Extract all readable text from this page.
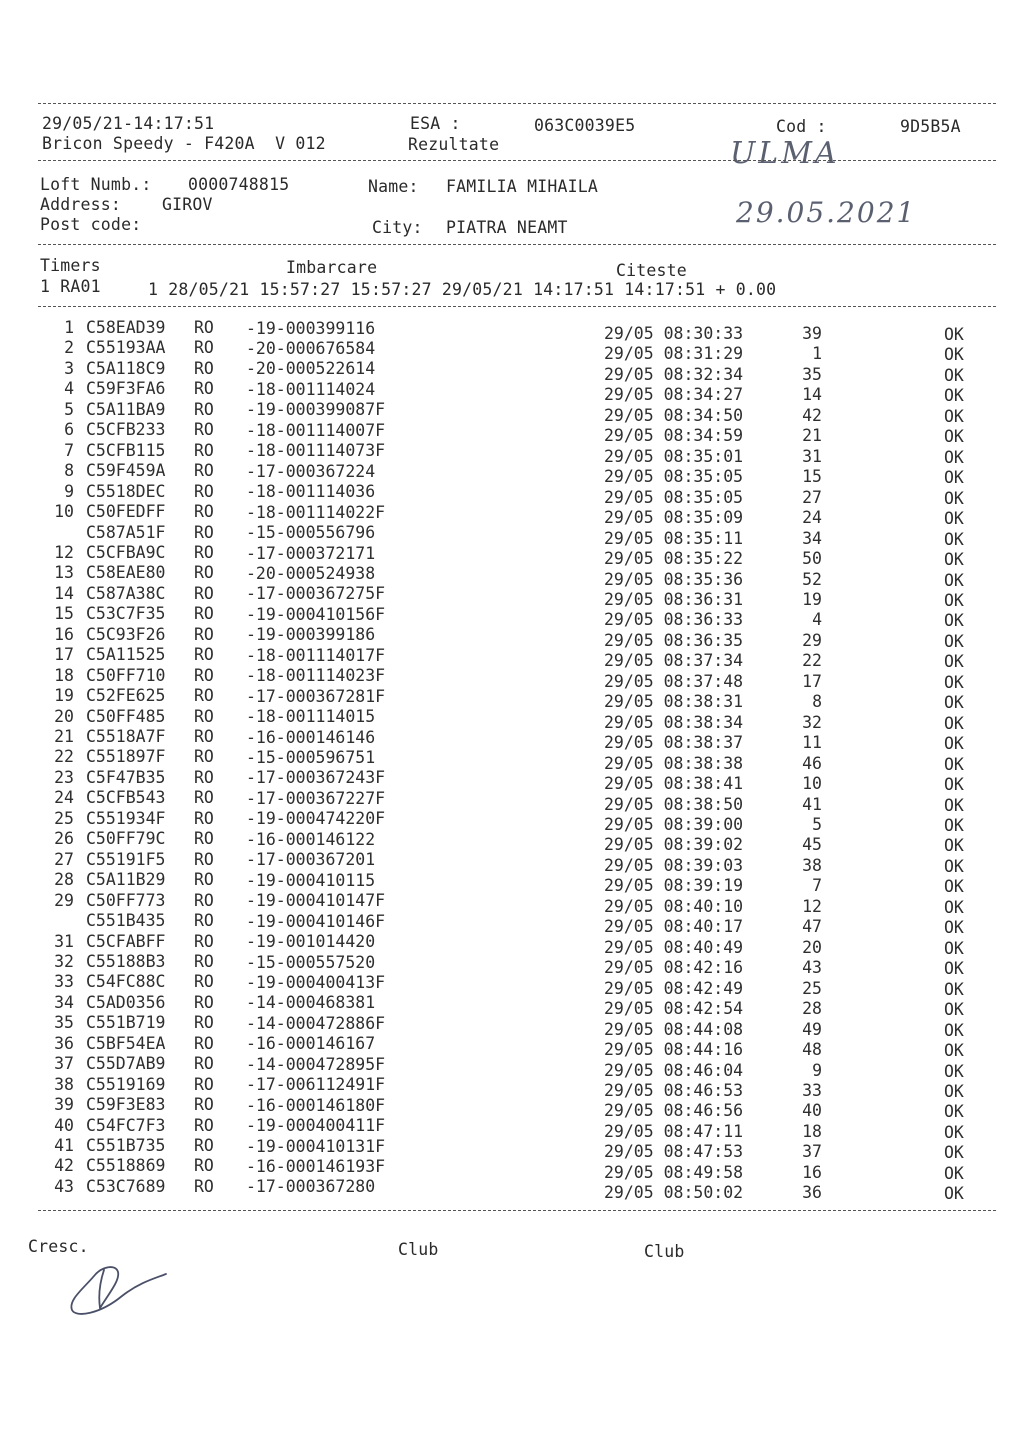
29/05/21-14:17:51	ESA :	063C0039E5	Cod :	9D5B5A
Bricon Speedy - F420A  V 012	Rezultate	ULMA
Loft Numb.: 0000748815	Name: FAMILIA MIHAILA
Address: GIROV
Post code:	City: PIATRA NEAMT	29.05.2021
Timers	Imbarcare	Citeste
1 RA01	1 28/05/21 15:57:27 15:57:27 29/05/21 14:17:51 14:17:51 + 0.00
1 C58EAD39 RO -19-000399116	29/05 08:30:33	39	OK
2 C55193AA RO -20-000676584	29/05 08:31:29	1	OK
3 C5A118C9 RO -20-000522614	29/05 08:32:34	35	OK
4 C59F3FA6 RO -18-001114024	29/05 08:34:27	14	OK
5 C5A11BA9 RO -19-000399087F	29/05 08:34:50	42	OK
6 C5CFB233 RO -18-001114007F	29/05 08:34:59	21	OK
7 C5CFB115 RO -18-001114073F	29/05 08:35:01	31	OK
8 C59F459A RO -17-000367224	29/05 08:35:05	15	OK
9 C5518DEC RO -18-001114036	29/05 08:35:05	27	OK
10 C50FEDFF RO -18-001114022F	29/05 08:35:09	24	OK
C587A51F RO -15-000556796	29/05 08:35:11	34	OK
12 C5CFBA9C RO -17-000372171	29/05 08:35:22	50	OK
13 C58EAE80 RO -20-000524938	29/05 08:35:36	52	OK
14 C587A38C RO -17-000367275F	29/05 08:36:31	19	OK
15 C53C7F35 RO -19-000410156F	29/05 08:36:33	4	OK
16 C5C93F26 RO -19-000399186	29/05 08:36:35	29	OK
17 C5A11525 RO -18-001114017F	29/05 08:37:34	22	OK
18 C50FF710 RO -18-001114023F	29/05 08:37:48	17	OK
19 C52FE625 RO -17-000367281F	29/05 08:38:31	8	OK
20 C50FF485 RO -18-001114015	29/05 08:38:34	32	OK
21 C5518A7F RO -16-000146146	29/05 08:38:37	11	OK
22 C551897F RO -15-000596751	29/05 08:38:38	46	OK
23 C5F47B35 RO -17-000367243F	29/05 08:38:41	10	OK
24 C5CFB543 RO -17-000367227F	29/05 08:38:50	41	OK
25 C551934F RO -19-000474220F	29/05 08:39:00	5	OK
26 C50FF79C RO -16-000146122	29/05 08:39:02	45	OK
27 C55191F5 RO -17-000367201	29/05 08:39:03	38	OK
28 C5A11B29 RO -19-000410115	29/05 08:39:19	7	OK
29 C50FF773 RO -19-000410147F	29/05 08:40:10	12	OK
C551B435 RO -19-000410146F	29/05 08:40:17	47	OK
31 C5CFABFF RO -19-001014420	29/05 08:40:49	20	OK
32 C55188B3 RO -15-000557520	29/05 08:42:16	43	OK
33 C54FC88C RO -19-000400413F	29/05 08:42:49	25	OK
34 C5AD0356 RO -14-000468381	29/05 08:42:54	28	OK
35 C551B719 RO -14-000472886F	29/05 08:44:08	49	OK
36 C5BF54EA RO -16-000146167	29/05 08:44:16	48	OK
37 C55D7AB9 RO -14-000472895F	29/05 08:46:04	9	OK
38 C5519169 RO -17-006112491F	29/05 08:46:53	33	OK
39 C59F3E83 RO -16-000146180F	29/05 08:46:56	40	OK
40 C54FC7F3 RO -19-000400411F	29/05 08:47:11	18	OK
41 C551B735 RO -19-000410131F	29/05 08:47:53	37	OK
42 C5518869 RO -16-000146193F	29/05 08:49:58	16	OK
43 C53C7689 RO -17-000367280	29/05 08:50:02	36	OK
Cresc.	Club	Club
